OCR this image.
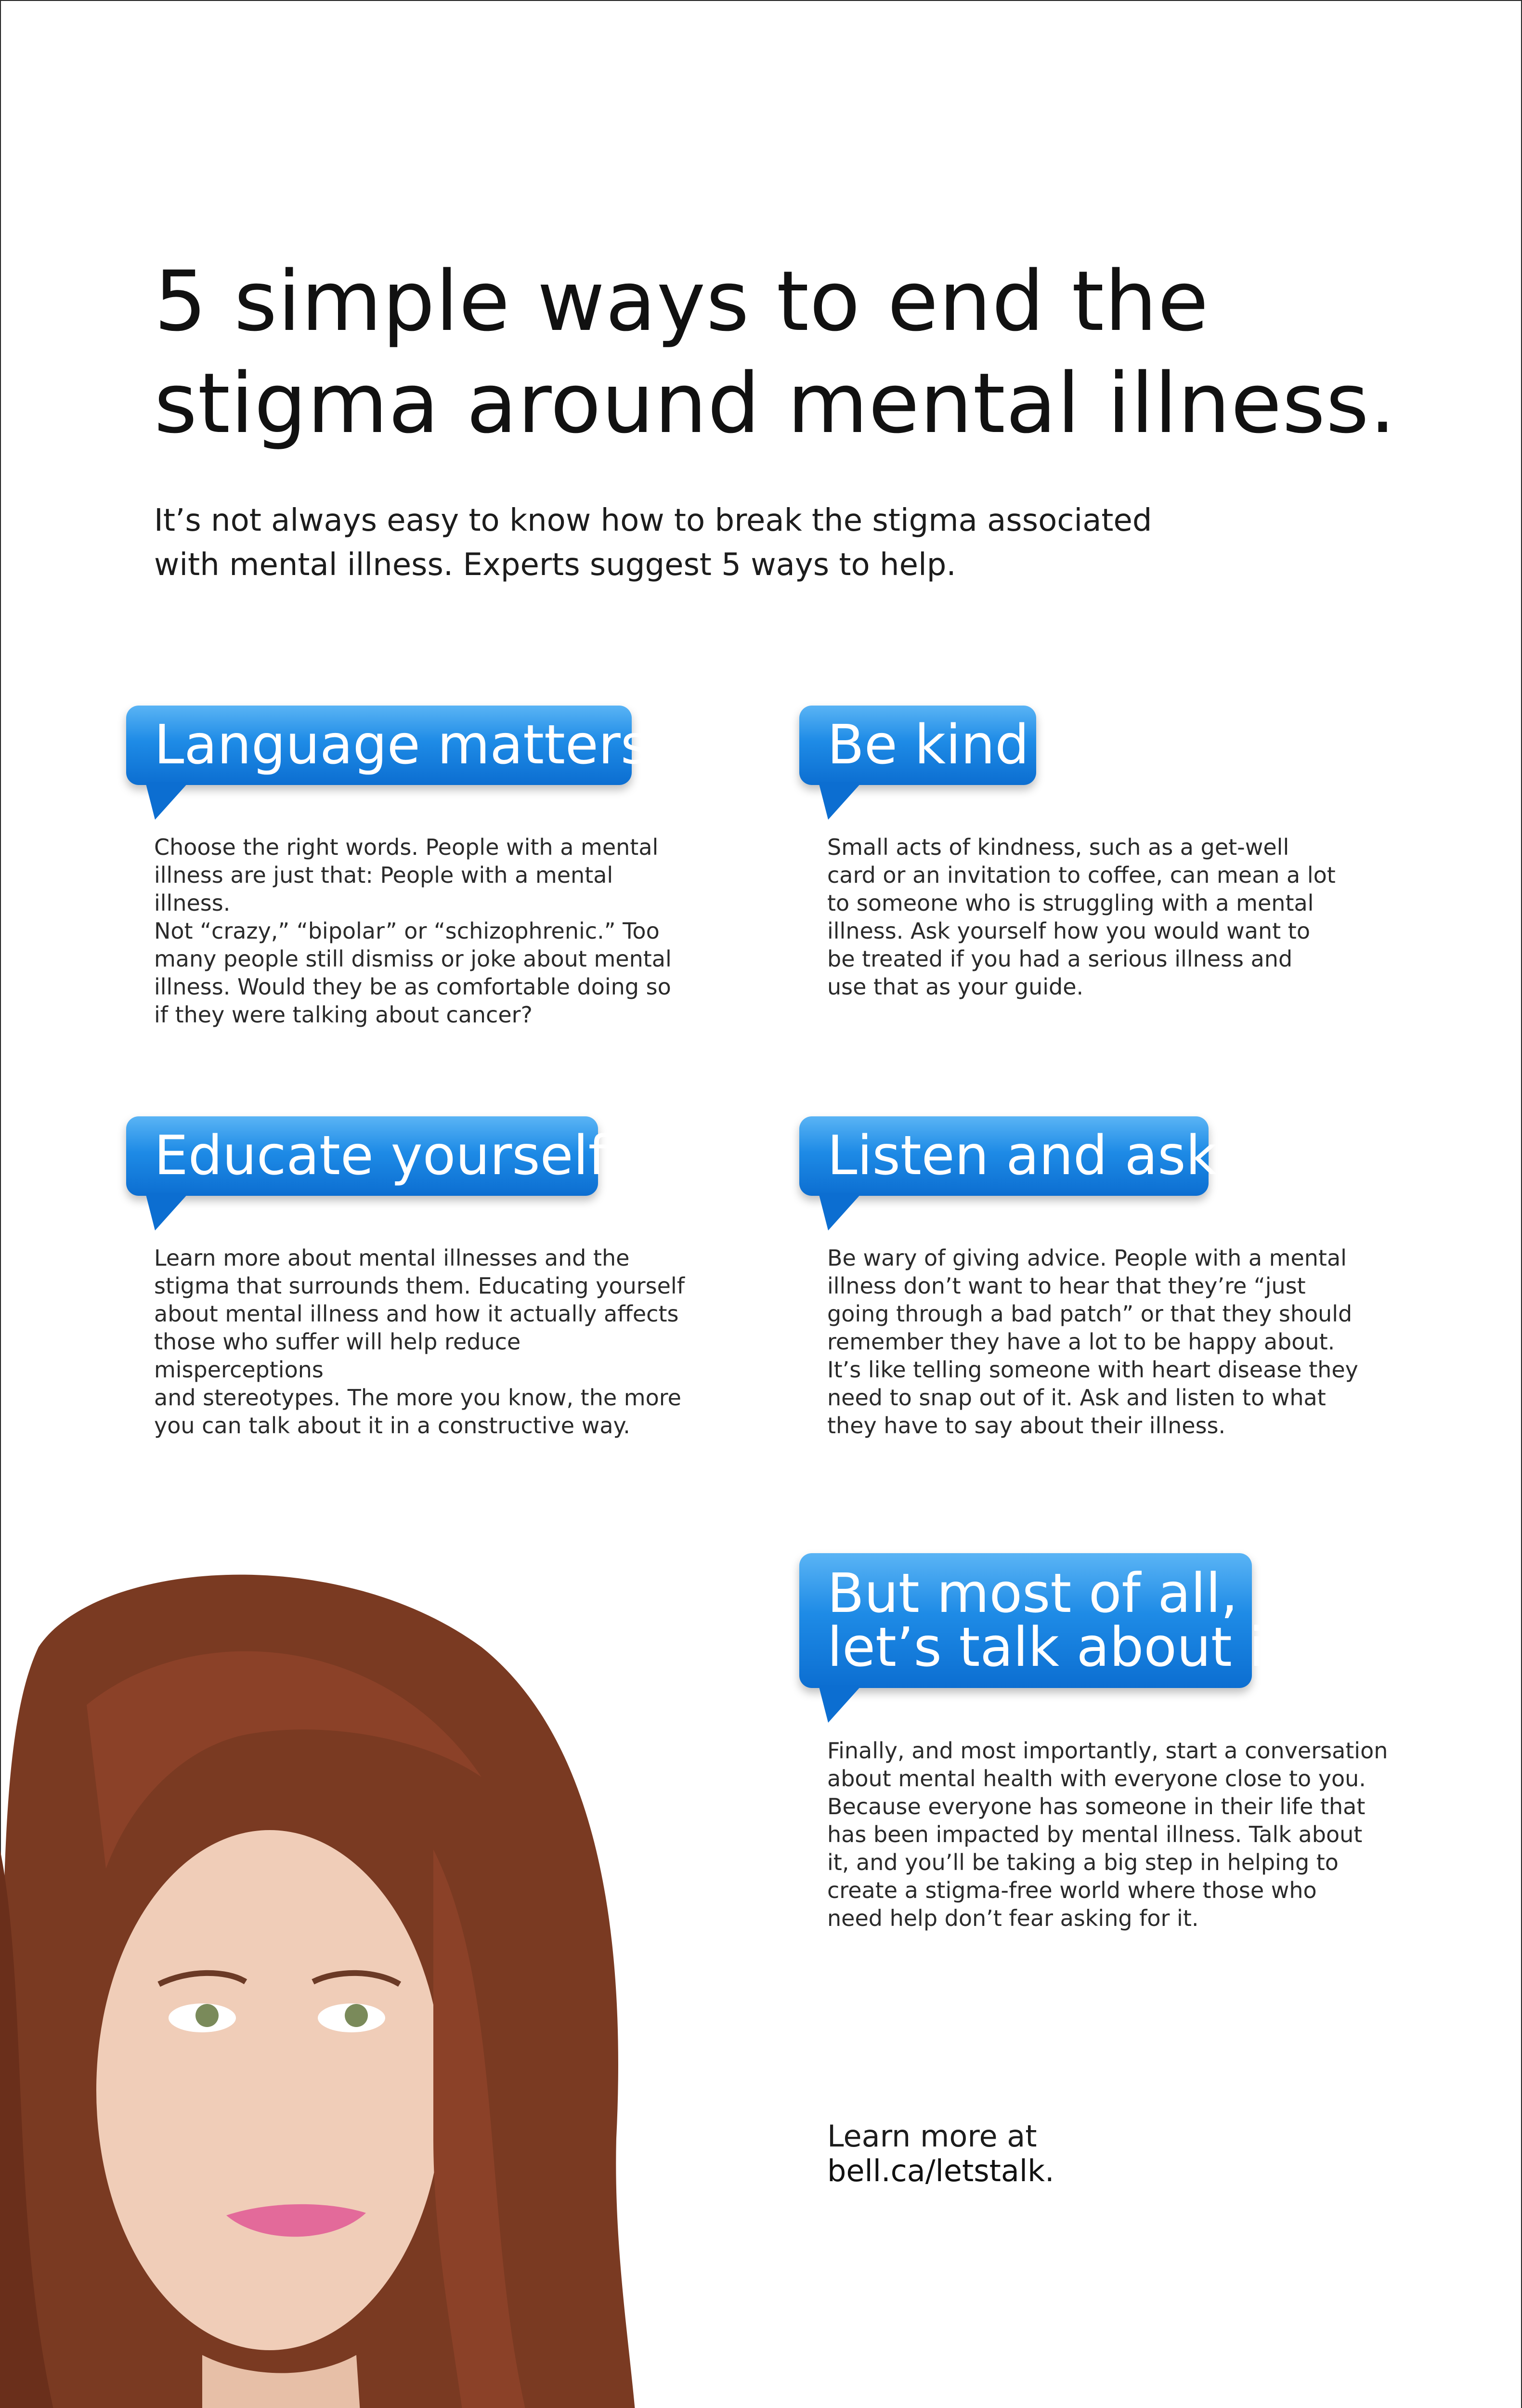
5 simple ways to end the
stigma around mental illness.
It’s not always easy to know how to break the stigma associated
with mental illness. Experts suggest 5 ways to help.
Language matters
Choose the right words. People with a mental
illness are just that: People with a mental illness.
Not “crazy,” “bipolar” or “schizophrenic.” Too
many people still dismiss or joke about mental
illness. Would they be as comfortable doing so
if they were talking about cancer?
Be kind
Small acts of kindness, such as a get-well
card or an invitation to coffee, can mean a lot
to someone who is struggling with a mental
illness. Ask yourself how you would want to
be treated if you had a serious illness and
use that as your guide.
Educate yourself
Learn more about mental illnesses and the
stigma that surrounds them. Educating yourself
about mental illness and how it actually affects
those who suffer will help reduce misperceptions
and stereotypes. The more you know, the more
you can talk about it in a constructive way.
Listen and ask
Be wary of giving advice. People with a mental
illness don’t want to hear that they’re “just
going through a bad patch” or that they should
remember they have a lot to be happy about.
It’s like telling someone with heart disease they
need to snap out of it. Ask and listen to what
they have to say about their illness.
But most of all,
let’s talk about it
Finally, and most importantly, start a conversation
about mental health with everyone close to you.
Because everyone has someone in their life that
has been impacted by mental illness. Talk about
it, and you’ll be taking a big step in helping to
create a stigma-free world where those who
need help don’t fear asking for it.
Learn more at
bell.ca/letstalk.
